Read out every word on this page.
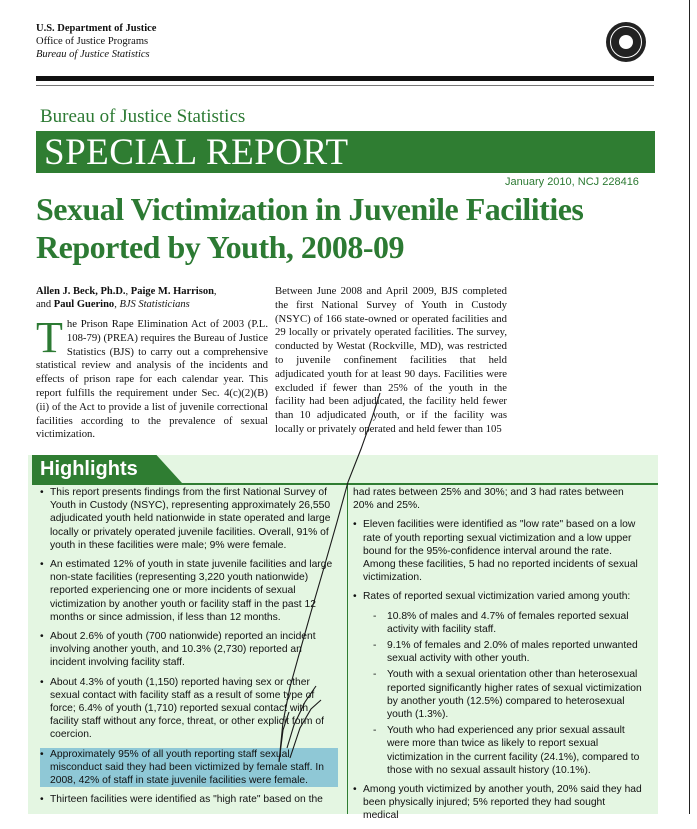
U.S. Department of Justice
Office of Justice Programs
Bureau of Justice Statistics
Bureau of Justice Statistics
SPECIAL REPORT
January 2010, NCJ 228416
Sexual Victimization in Juvenile Facilities
Reported by Youth, 2008-09
Allen J. Beck, Ph.D., Paige M. Harrison,
and Paul Guerino, BJS Statisticians
The Prison Rape Elimination Act of 2003 (P.L. 108-79) (PREA) requires the Bureau of Justice Statistics (BJS) to carry out a comprehensive statistical review and analysis of the incidents and effects of prison rape for each calendar year. This report fulfills the requirement under Sec. 4(c)(2)(B)(ii) of the Act to provide a list of juvenile correctional facilities according to the prevalence of sexual victimization.
Between June 2008 and April 2009, BJS completed the first National Survey of Youth in Custody (NSYC) of 166 state-owned or operated facilities and 29 locally or privately operated facilities. The survey, conducted by Westat (Rockville, MD), was restricted to juvenile confinement facilities that held adjudicated youth for at least 90 days. Facilities were excluded if fewer than 25% of the youth in the facility had been adjudicated, the facility held fewer than 10 adjudicated youth, or if the facility was locally or privately operated and held fewer than 105
Highlights
• This report presents findings from the first National Survey of Youth in Custody (NSYC), representing approximately 26,550 adjudicated youth held nationwide in state operated and large locally or privately operated juvenile facilities. Overall, 91% of youth in these facilities were male; 9% were female.
• An estimated 12% of youth in state juvenile facilities and large non-state facilities (representing 3,220 youth nationwide) reported experiencing one or more incidents of sexual victimization by another youth or facility staff in the past 12 months or since admission, if less than 12 months.
• About 2.6% of youth (700 nationwide) reported an incident involving another youth, and 10.3% (2,730) reported an incident involving facility staff.
• About 4.3% of youth (1,150) reported having sex or other sexual contact with facility staff as a result of some type of force; 6.4% of youth (1,710) reported sexual contact with facility staff without any force, threat, or other explicit form of coercion.
• Approximately 95% of all youth reporting staff sexual misconduct said they had been victimized by female staff. In 2008, 42% of staff in state juvenile facilities were female.
• Thirteen facilities were identified as "high rate" based on the
had rates between 25% and 30%; and 3 had rates between 20% and 25%.
• Eleven facilities were identified as "low rate" based on a low rate of youth reporting sexual victimization and a low upper bound for the 95%-confidence interval around the rate. Among these facilities, 5 had no reported incidents of sexual victimization.
• Rates of reported sexual victimization varied among youth:
- 10.8% of males and 4.7% of females reported sexual activity with facility staff.
- 9.1% of females and 2.0% of males reported unwanted sexual activity with other youth.
- Youth with a sexual orientation other than heterosexual reported significantly higher rates of sexual victimization by another youth (12.5%) compared to heterosexual youth (1.3%).
- Youth who had experienced any prior sexual assault were more than twice as likely to report sexual victimization in the current facility (24.1%), compared to those with no sexual assault history (10.1%).
• Among youth victimized by another youth, 20% said they had been physically injured; 5% reported they had sought medical
